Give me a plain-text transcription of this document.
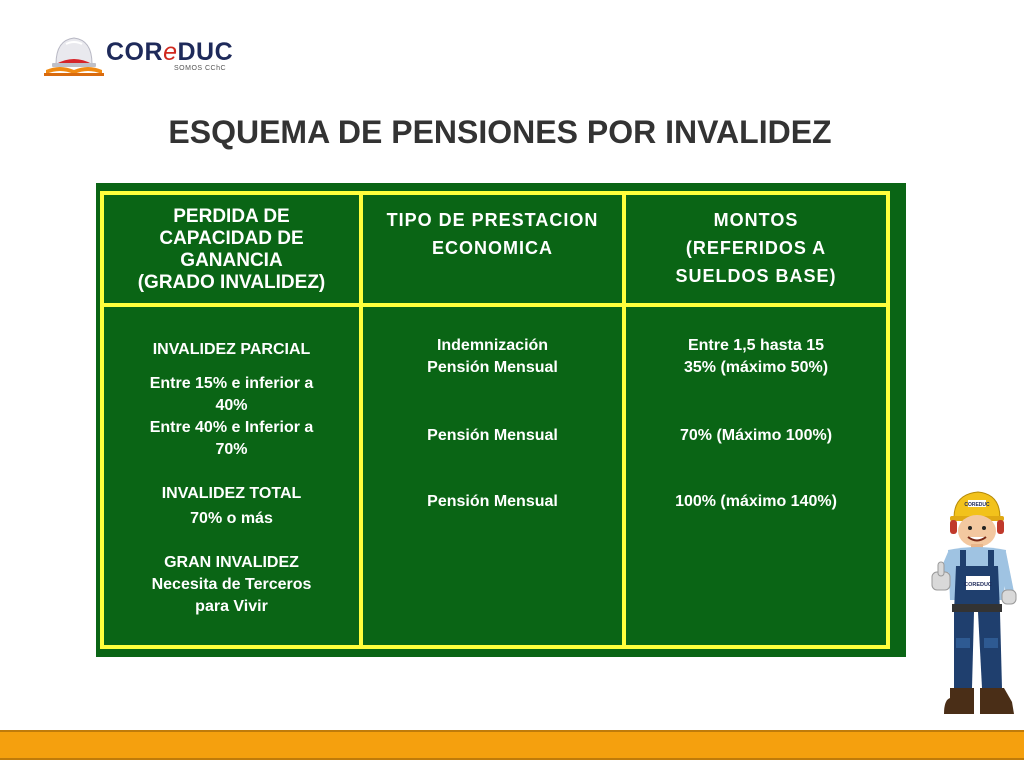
COReDUC
SOMOS CChC
ESQUEMA DE PENSIONES POR INVALIDEZ
PERDIDA DE
CAPACIDAD DE
GANANCIA
(GRADO INVALIDEZ)
TIPO DE PRESTACION
ECONOMICA
MONTOS
(REFERIDOS A
SUELDOS BASE)

INVALIDEZ PARCIAL

Entre 15% e inferior a

40%

Entre 40% e Inferior a

70%

INVALIDEZ TOTAL

70% o más

GRAN INVALIDEZ

Necesita de Terceros

para Vivir

Indemnización

Pensión Mensual

Pensión Mensual

Pensión Mensual

Entre 1,5 hasta 15

35% (máximo 50%)

70% (Máximo 100%)

100% (máximo 140%)	COREDUC
COREDUC
